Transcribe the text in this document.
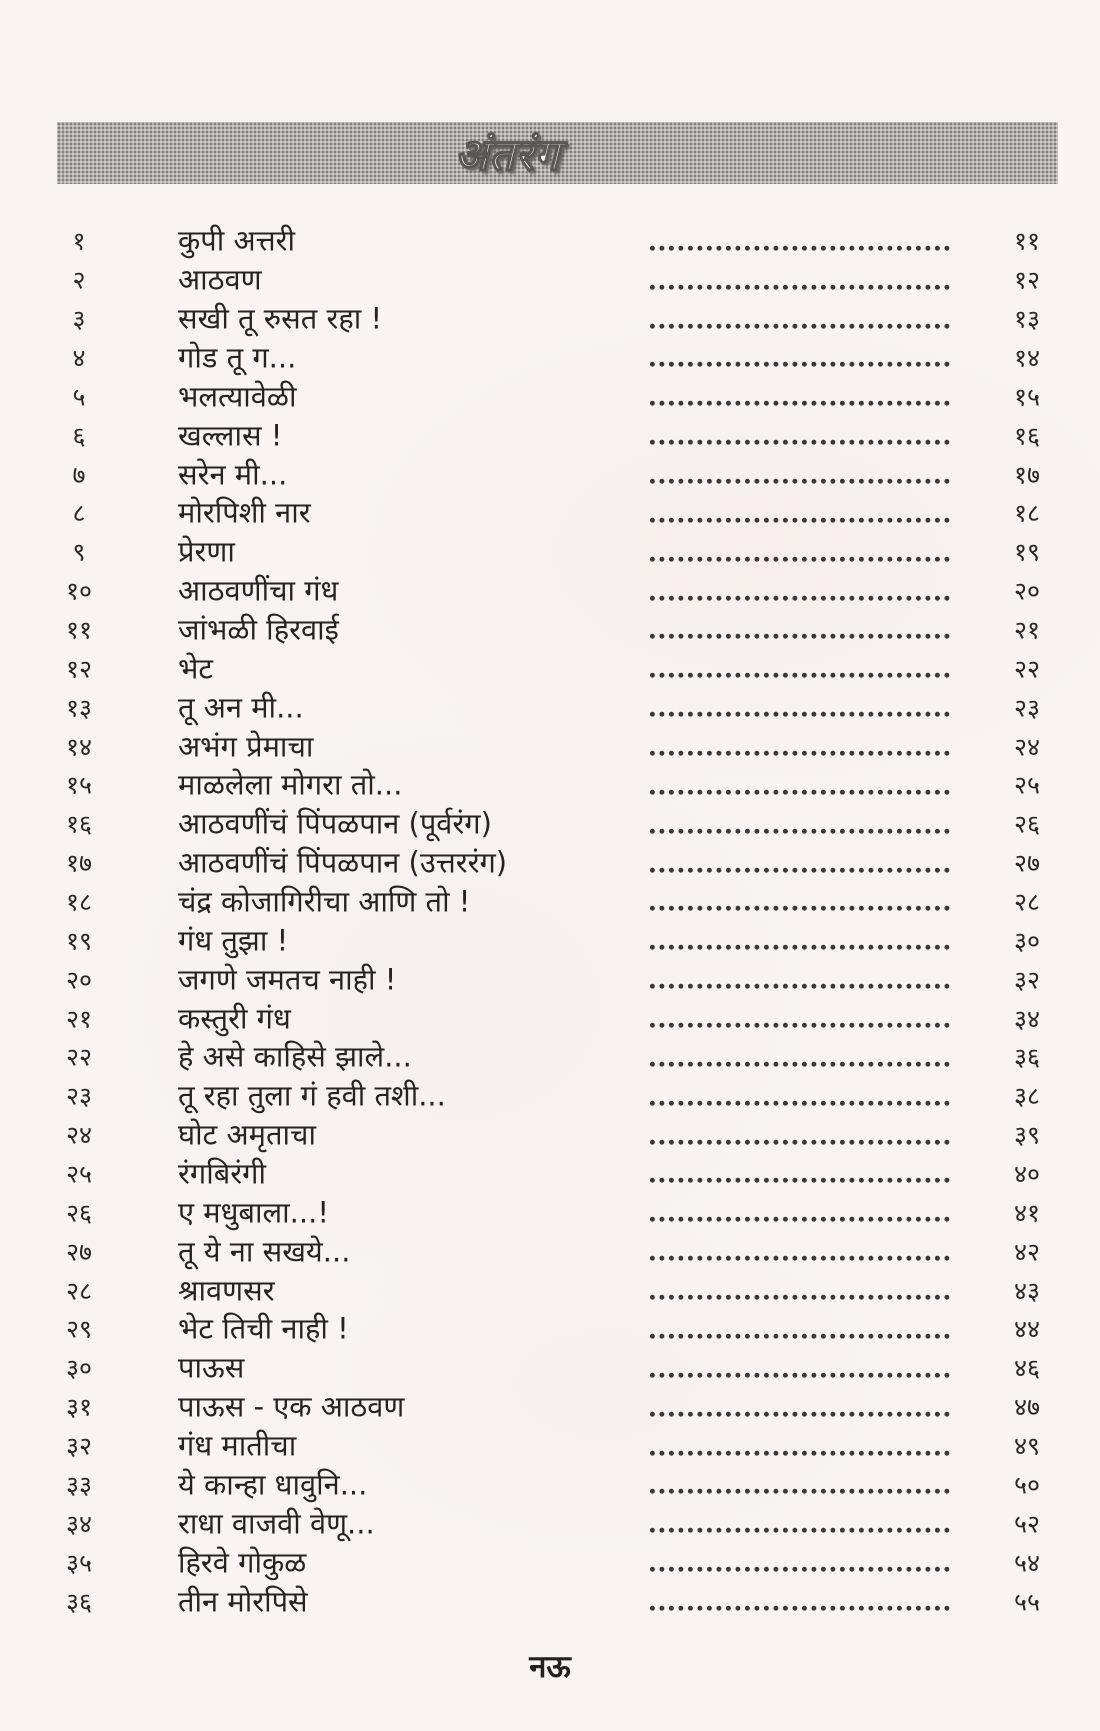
अंतरंग
१	कुपी अत्तरी	११
२	आठवण	१२
३	सखी तू रुसत रहा !	१३
४	गोड तू ग...	१४
५	भलत्यावेळी	१५
६	खल्लास !	१६
७	सरेन मी...	१७
८	मोरपिशी नार	१८
९	प्रेरणा	१९
१०	आठवणींचा गंध	२०
११	जांभळी हिरवाई	२१
१२	भेट	२२
१३	तू अन मी...	२३
१४	अभंग प्रेमाचा	२४
१५	माळलेला मोगरा तो...	२५
१६	आठवणींचं पिंपळपान (पूर्वरंग)	२६
१७	आठवणींचं पिंपळपान (उत्तररंग)	२७
१८	चंद्र कोजागिरीचा आणि तो !	२८
१९	गंध तुझा !	३०
२०	जगणे जमतच नाही !	३२
२१	कस्तुरी गंध	३४
२२	हे असे काहिसे झाले...	३६
२३	तू रहा तुला गं हवी तशी...	३८
२४	घोट अमृताचा	३९
२५	रंगबिरंगी	४०
२६	ए मधुबाला...!	४१
२७	तू ये ना सखये...	४२
२८	श्रावणसर	४३
२९	भेट तिची नाही !	४४
३०	पाऊस	४६
३१	पाऊस - एक आठवण	४७
३२	गंध मातीचा	४९
३३	ये कान्हा धावुनि...	५०
३४	राधा वाजवी वेणू...	५२
३५	हिरवे गोकुळ	५४
३६	तीन मोरपिसे	५५
नऊ
